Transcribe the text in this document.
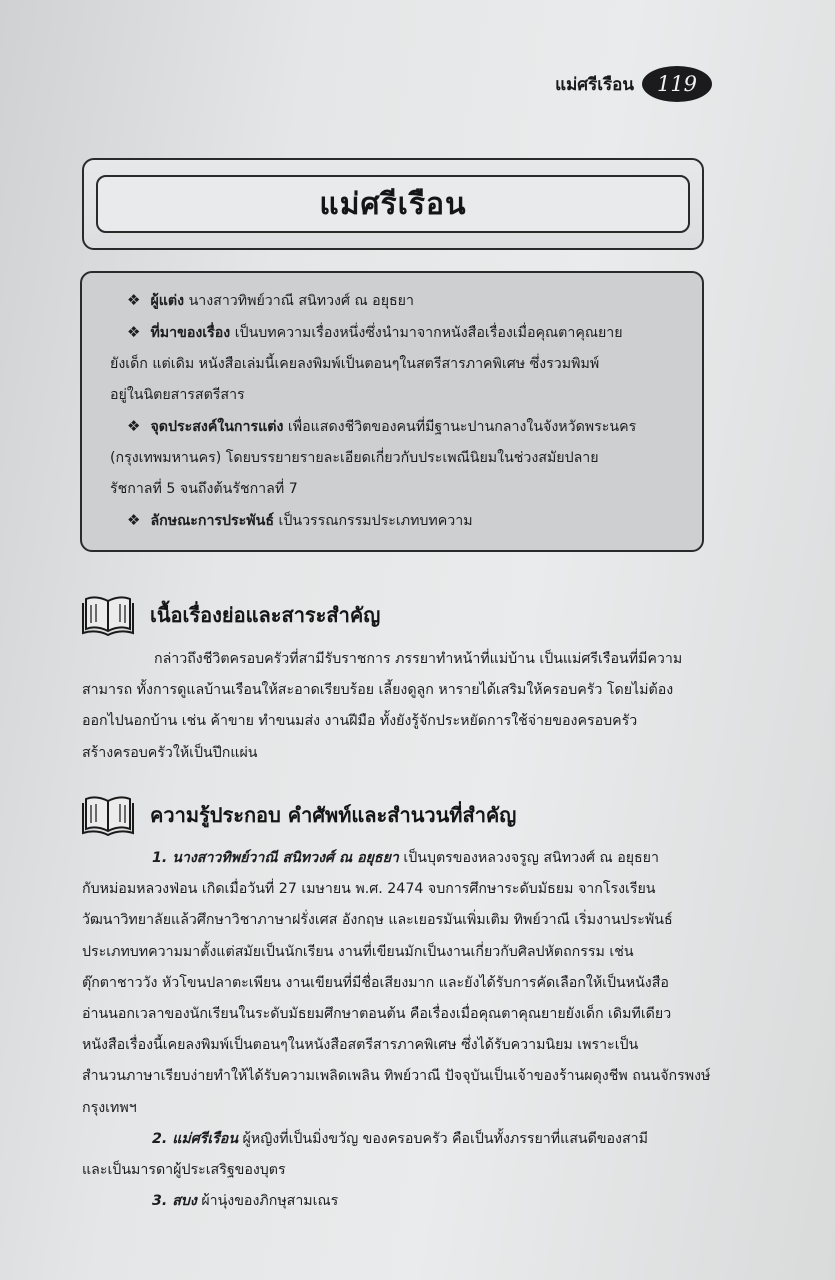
แม่ศรีเรือน	119
แม่ศรีเรือน
❖ ผู้แต่ง นางสาวทิพย์วาณี สนิทวงศ์ ณ อยุธยา
❖ ที่มาของเรื่อง เป็นบทความเรื่องหนึ่งซึ่งนำมาจากหนังสือเรื่องเมื่อคุณตาคุณยาย
ยังเด็ก แต่เดิม หนังสือเล่มนี้เคยลงพิมพ์เป็นตอนๆในสตรีสารภาคพิเศษ ซึ่งรวมพิมพ์
อยู่ในนิตยสารสตรีสาร
❖ จุดประสงค์ในการแต่ง เพื่อแสดงชีวิตของคนที่มีฐานะปานกลางในจังหวัดพระนคร
(กรุงเทพมหานคร) โดยบรรยายรายละเอียดเกี่ยวกับประเพณีนิยมในช่วงสมัยปลาย
รัชกาลที่ 5 จนถึงต้นรัชกาลที่ 7
❖ ลักษณะการประพันธ์ เป็นวรรณกรรมประเภทบทความ
เนื้อเรื่องย่อและสาระสำคัญ
กล่าวถึงชีวิตครอบครัวที่สามีรับราชการ ภรรยาทำหน้าที่แม่บ้าน เป็นแม่ศรีเรือนที่มีความ
สามารถ ทั้งการดูแลบ้านเรือนให้สะอาดเรียบร้อย เลี้ยงดูลูก หารายได้เสริมให้ครอบครัว โดยไม่ต้อง
ออกไปนอกบ้าน เช่น ค้าขาย ทำขนมส่ง งานฝีมือ ทั้งยังรู้จักประหยัดการใช้จ่ายของครอบครัว
สร้างครอบครัวให้เป็นปึกแผ่น
ความรู้ประกอบ คำศัพท์และสำนวนที่สำคัญ
1. นางสาวทิพย์วาณี สนิทวงศ์ ณ อยุธยา เป็นบุตรของหลวงจรูญ สนิทวงศ์ ณ อยุธยา
กับหม่อมหลวงฟ่อน เกิดเมื่อวันที่ 27 เมษายน พ.ศ. 2474 จบการศึกษาระดับมัธยม จากโรงเรียน
วัฒนาวิทยาลัยแล้วศึกษาวิชาภาษาฝรั่งเศส อังกฤษ และเยอรมันเพิ่มเติม ทิพย์วาณี เริ่มงานประพันธ์
ประเภทบทความมาตั้งแต่สมัยเป็นนักเรียน งานที่เขียนมักเป็นงานเกี่ยวกับศิลปหัตถกรรม เช่น
ตุ๊กตาชาววัง หัวโขนปลาตะเพียน งานเขียนที่มีชื่อเสียงมาก และยังได้รับการคัดเลือกให้เป็นหนังสือ
อ่านนอกเวลาของนักเรียนในระดับมัธยมศึกษาตอนต้น คือเรื่องเมื่อคุณตาคุณยายยังเด็ก เดิมทีเดียว
หนังสือเรื่องนี้เคยลงพิมพ์เป็นตอนๆในหนังสือสตรีสารภาคพิเศษ ซึ่งได้รับความนิยม เพราะเป็น
สำนวนภาษาเรียบง่ายทำให้ได้รับความเพลิดเพลิน ทิพย์วาณี ปัจจุบันเป็นเจ้าของร้านผดุงชีพ ถนนจักรพงษ์
กรุงเทพฯ
2. แม่ศรีเรือน ผู้หญิงที่เป็นมิ่งขวัญ ของครอบครัว คือเป็นทั้งภรรยาที่แสนดีของสามี
และเป็นมารดาผู้ประเสริฐของบุตร
3. สบง ผ้านุ่งของภิกษุสามเณร
